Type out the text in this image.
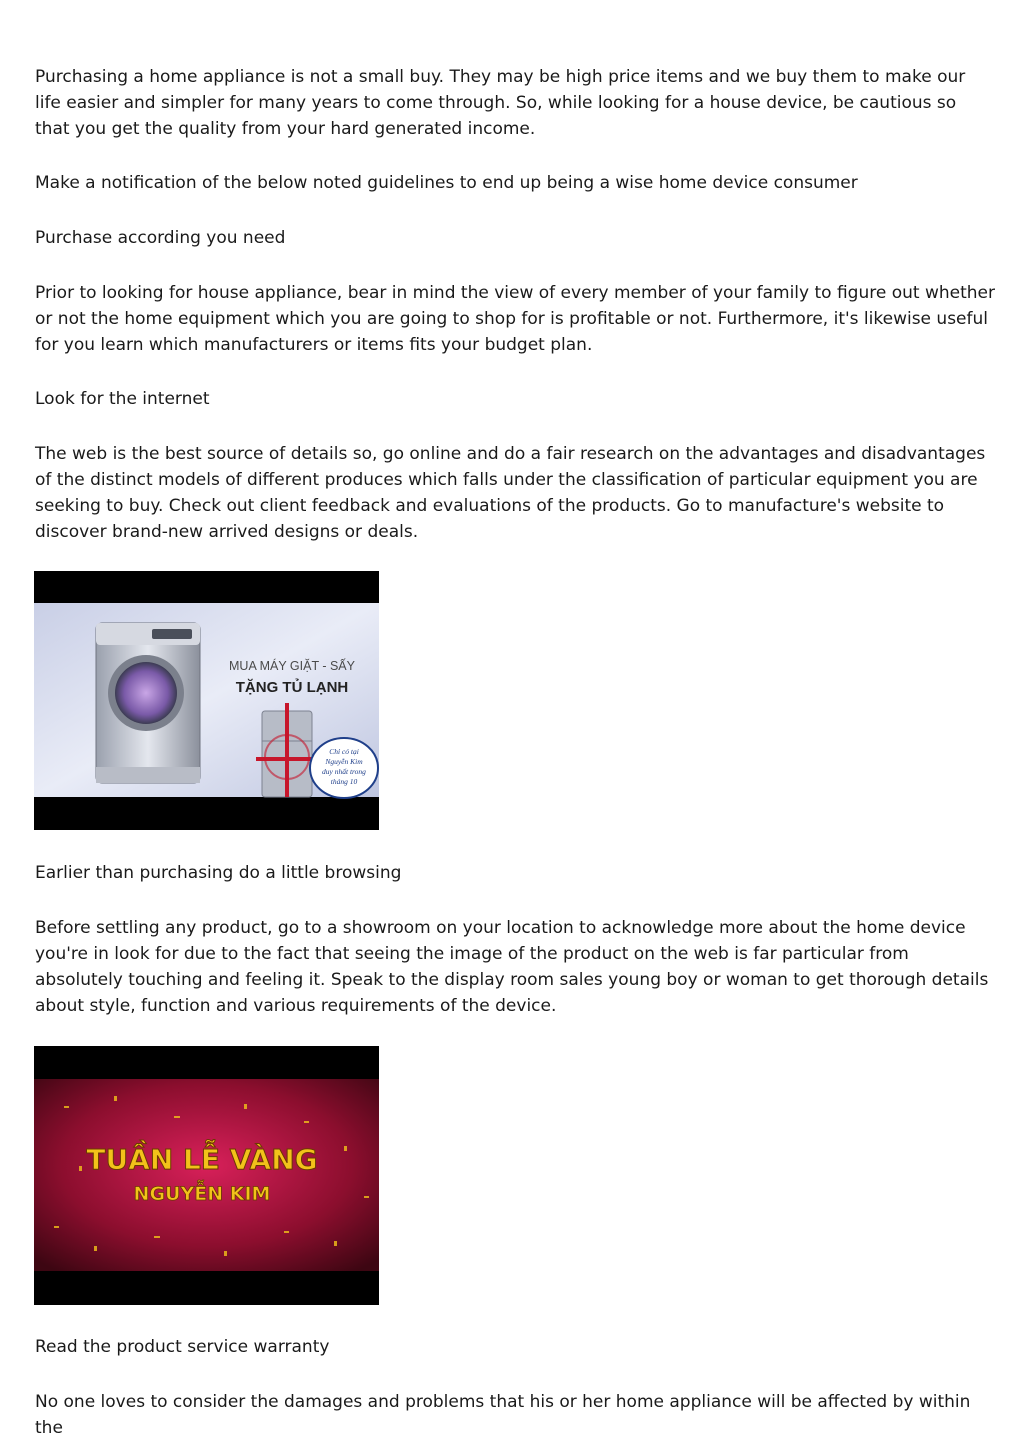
Purchasing a home appliance is not a small buy. They may be high price items and we buy them to make our life easier and simpler for many years to come through. So, while looking for a house device, be cautious so that you get the quality from your hard generated income.

Make a notification of the below noted guidelines to end up being a wise home device consumer

Purchase according you need

Prior to looking for house appliance, bear in mind the view of every member of your family to figure out whether or not the home equipment which you are going to shop for is profitable or not. Furthermore, it's likewise useful for you learn which manufacturers or items fits your budget plan.

Look for the internet

The web is the best source of details so, go online and do a fair research on the advantages and disadvantages of the distinct models of different produces which falls under the classification of particular equipment you are seeking to buy. Check out client feedback and evaluations of the products. Go to manufacture's website to discover brand-new arrived designs or deals.

MUA MÁY GIẶT - SẤY
TẶNG TỦ LẠNH
Chỉ có tại
Nguyễn Kim
duy nhất trong
tháng 10

Earlier than purchasing do a little browsing

Before settling any product, go to a showroom on your location to acknowledge more about the home device you're in look for due to the fact that seeing the image of the product on the web is far particular from absolutely touching and feeling it. Speak to the display room sales young boy or woman to get thorough details about style, function and various requirements of the device.

TUẦN LỄ VÀNG
NGUYỄN KIM

Read the product service warranty

No one loves to consider the damages and problems that his or her home appliance will be affected by within the
